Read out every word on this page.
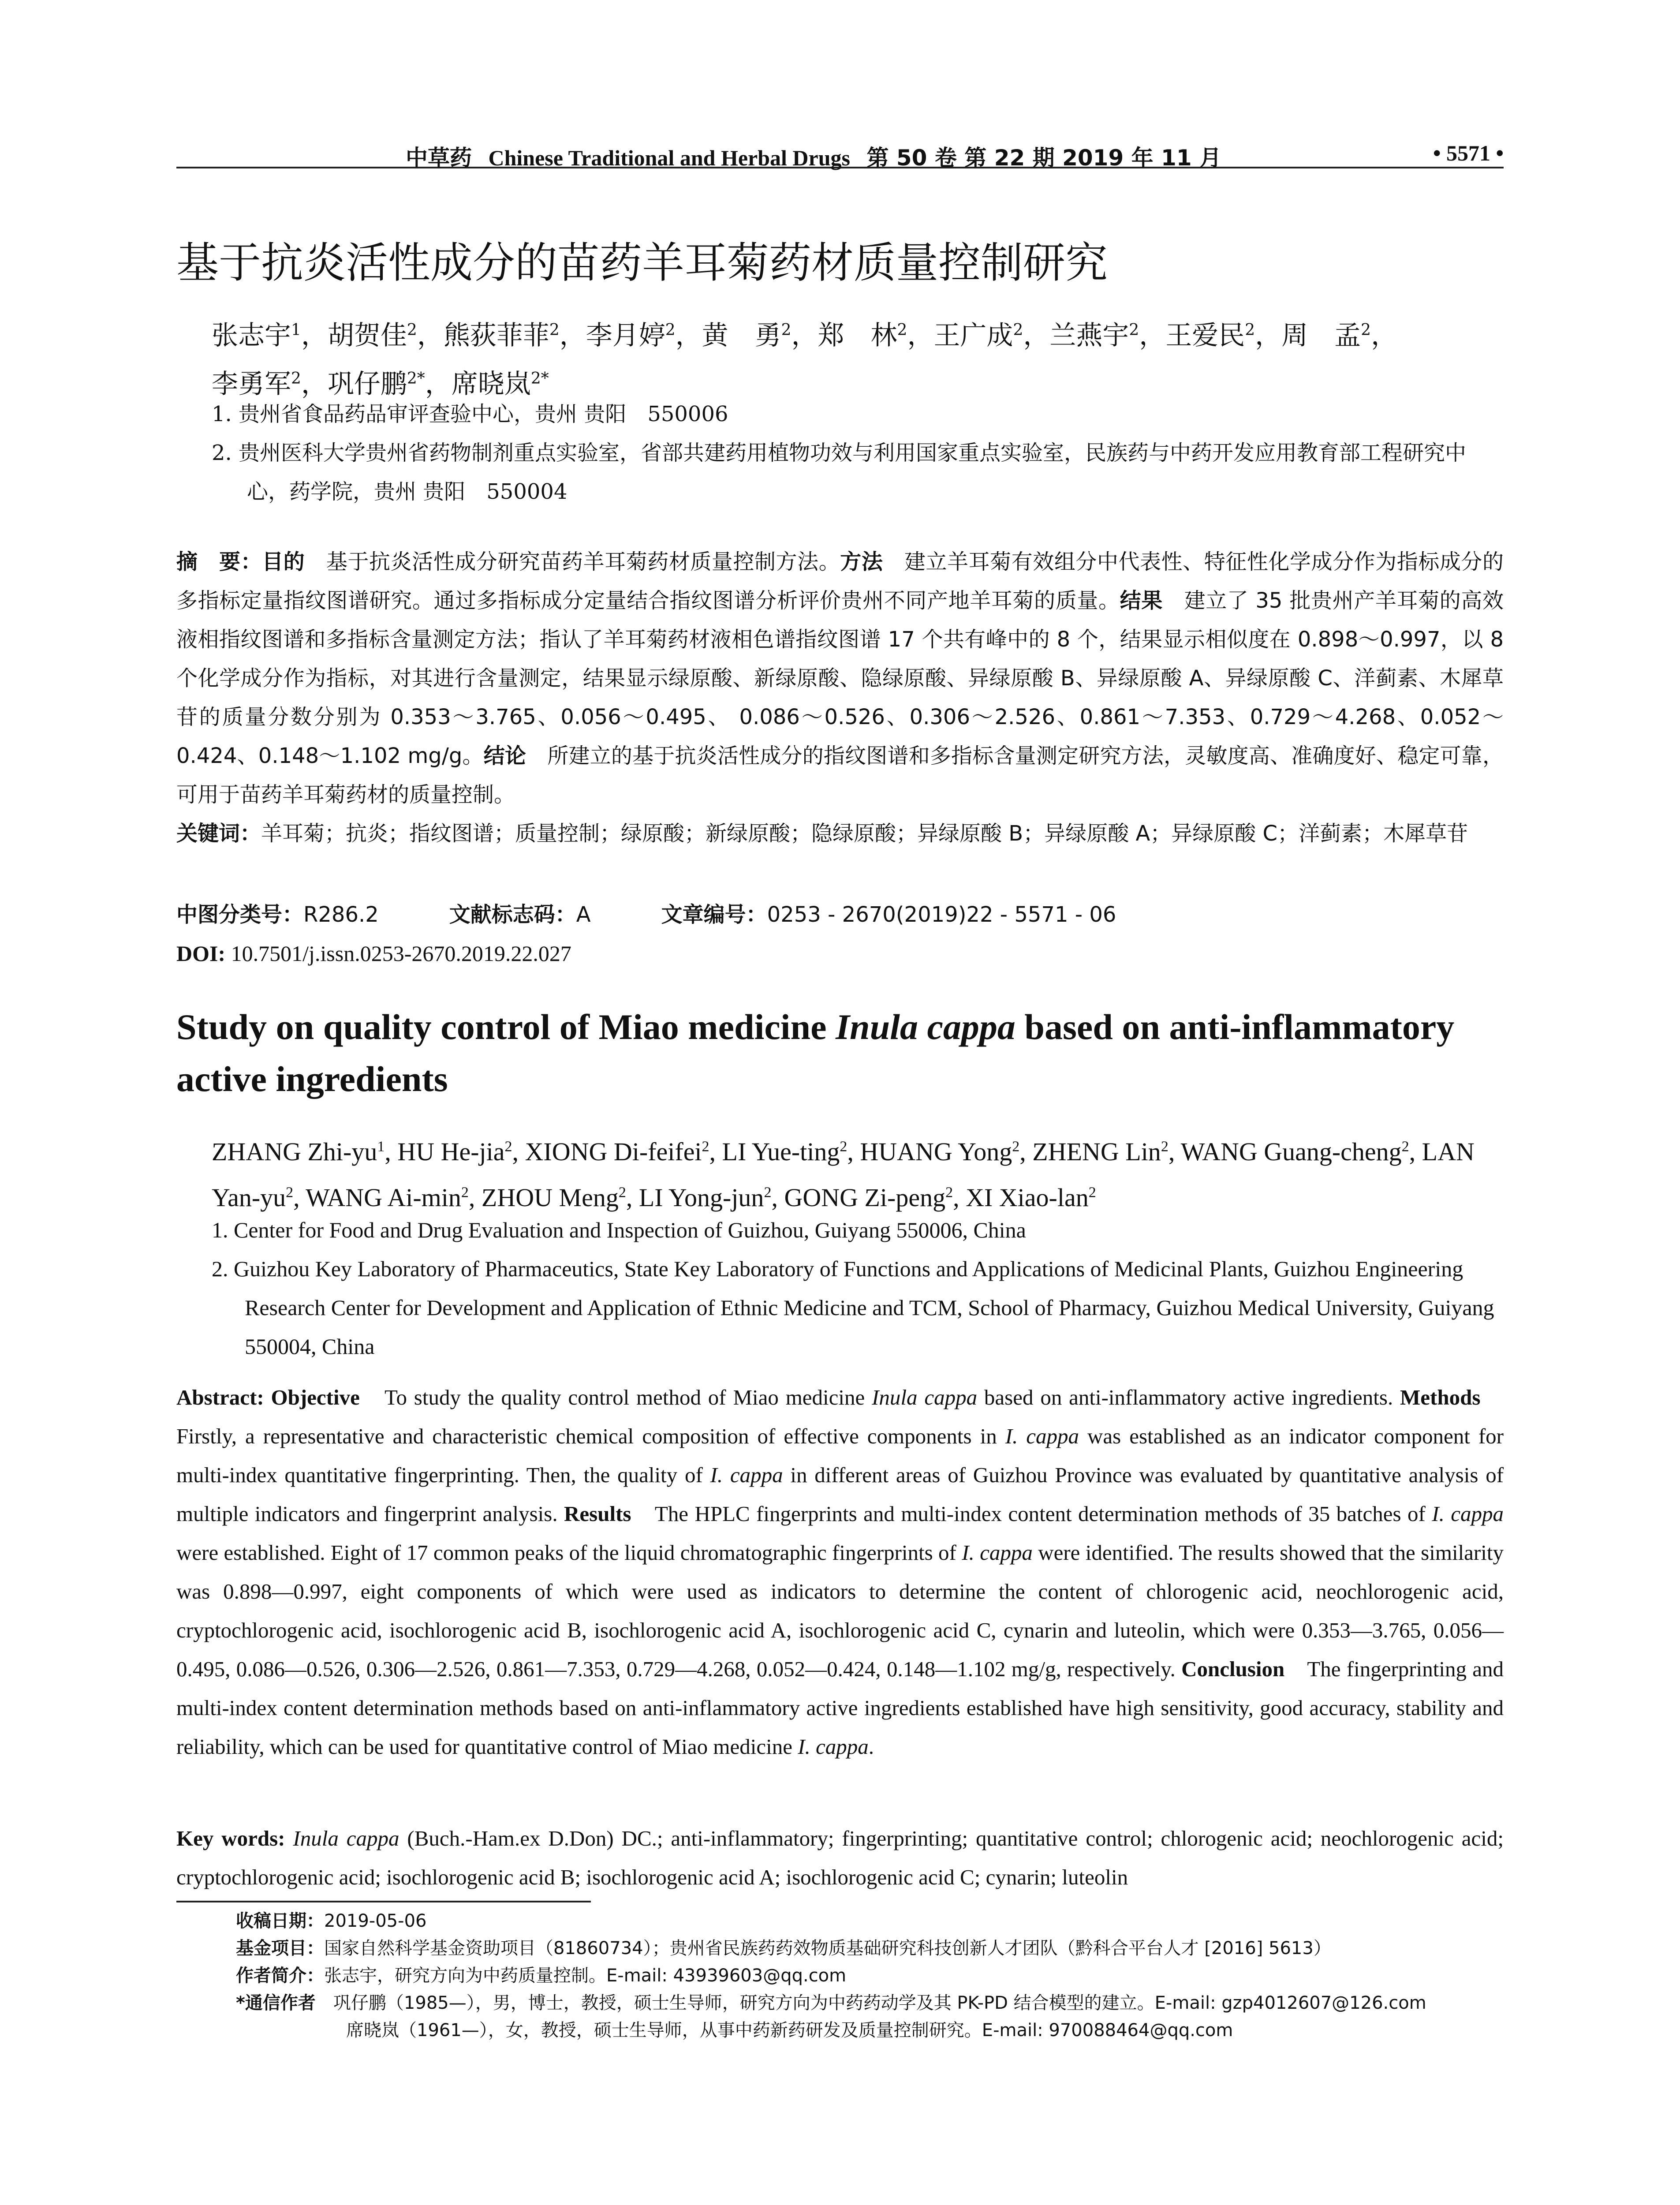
中草药 Chinese Traditional and Herbal Drugs 第 50 卷 第 22 期 2019 年 11 月	• 5571 •
基于抗炎活性成分的苗药羊耳菊药材质量控制研究
张志宇$^1$，胡贺佳$^2$，熊荻菲菲$^2$，李月婷$^2$，黄　勇$^2$，郑　林$^2$，王广成$^2$，兰燕宇$^2$，王爱民$^2$，周　孟$^2$，
李勇军$^2$，巩仔鹏$^{2*}$，席晓岚$^{2*}$
1. 贵州省食品药品审评查验中心，贵州 贵阳　550006
2. 贵州医科大学贵州省药物制剂重点实验室，省部共建药用植物功效与利用国家重点实验室，民族药与中药开发应用教育部工程研究中心，药学院，贵州 贵阳　550004
摘　要：目的　基于抗炎活性成分研究苗药羊耳菊药材质量控制方法。方法　建立羊耳菊有效组分中代表性、特征性化学成分作为指标成分的多指标定量指纹图谱研究。通过多指标成分定量结合指纹图谱分析评价贵州不同产地羊耳菊的质量。结果　建立了 35 批贵州产羊耳菊的高效液相指纹图谱和多指标含量测定方法；指认了羊耳菊药材液相色谱指纹图谱 17 个共有峰中的 8 个，结果显示相似度在 0.898～0.997，以 8 个化学成分作为指标，对其进行含量测定，结果显示绿原酸、新绿原酸、隐绿原酸、异绿原酸 B、异绿原酸 A、异绿原酸 C、洋蓟素、木犀草苷的质量分数分别为 0.353～3.765、0.056～0.495、 0.086～0.526、0.306～2.526、0.861～7.353、0.729～4.268、0.052～0.424、0.148～1.102 mg/g。结论　所建立的基于抗炎活性成分的指纹图谱和多指标含量测定研究方法，灵敏度高、准确度好、稳定可靠，可用于苗药羊耳菊药材的质量控制。
关键词：羊耳菊；抗炎；指纹图谱；质量控制；绿原酸；新绿原酸；隐绿原酸；异绿原酸 B；异绿原酸 A；异绿原酸 C；洋蓟素；木犀草苷
中图分类号：R286.2	文献标志码：A	文章编号：0253 - 2670(2019)22 - 5571 - 06
DOI: 10.7501/j.issn.0253-2670.2019.22.027
Study on quality control of Miao medicine Inula cappa based on anti-inflammatory active ingredients
ZHANG Zhi-$yu^1$, HU He-jia$^2$, XIONG Di-feifei$^2$, LI Yue-ting$^2$, HUANG Yong$^2$, ZHENG Lin$^2$, WANG Guang-cheng$^2$, LAN Yan-$yu^2$, WANG $Ai-\min^2$, ZHOU Meng$^2$, LI Yong-jun$^2$, GONG Zi-peng$^2$, XI Xiao-lan$^2$
1. Center for Food and Drug Evaluation and Inspection of Guizhou, Guiyang 550006, China
2. Guizhou Key Laboratory of Pharmaceutics, State Key Laboratory of Functions and Applications of Medicinal Plants, Guizhou Engineering Research Center for Development and Application of Ethnic Medicine and TCM, School of Pharmacy, Guizhou Medical University, Guiyang 550004, China
Abstract: Objective　To study the quality control method of Miao medicine Inula cappa based on anti-inflammatory active ingredients. Methods　Firstly, a representative and characteristic chemical composition of effective components in I. cappa was established as an indicator component for multi-index quantitative fingerprinting. Then, the quality of I. cappa in different areas of Guizhou Province was evaluated by quantitative analysis of multiple indicators and fingerprint analysis. Results　The HPLC fingerprints and multi-index content determination methods of 35 batches of I. cappa were established. Eight of 17 common peaks of the liquid chromatographic fingerprints of I. cappa were identified. The results showed that the similarity was 0.898—0.997, eight components of which were used as indicators to determine the content of chlorogenic acid, neochlorogenic acid, cryptochlorogenic acid, isochlorogenic acid B, isochlorogenic acid A, isochlorogenic acid C, cynarin and luteolin, which were 0.353—3.765, 0.056—0.495, 0.086—0.526, 0.306—2.526, 0.861—7.353, 0.729—4.268, 0.052—0.424, 0.148—1.102 mg/g, respectively. Conclusion　The fingerprinting and multi-index content determination methods based on anti-inflammatory active ingredients established have high sensitivity, good accuracy, stability and reliability, which can be used for quantitative control of Miao medicine I. cappa.
Key words: Inula cappa (Buch.-Ham.ex D.Don) DC.; anti-inflammatory; fingerprinting; quantitative control; chlorogenic acid; neochlorogenic acid; cryptochlorogenic acid; isochlorogenic acid B; isochlorogenic acid A; isochlorogenic acid C; cynarin; luteolin
收稿日期：2019-05-06
基金项目：国家自然科学基金资助项目（81860734）；贵州省民族药药效物质基础研究科技创新人才团队（黔科合平台人才 [2016] 5613）
作者简介：张志宇，研究方向为中药质量控制。E-mail: 43939603@qq.com
*通信作者　巩仔鹏（1985—），男，博士，教授，硕士生导师，研究方向为中药药动学及其 PK-PD 结合模型的建立。E-mail: gzp4012607@126.com
席晓岚（1961—），女，教授，硕士生导师，从事中药新药研发及质量控制研究。E-mail: 970088464@qq.com
